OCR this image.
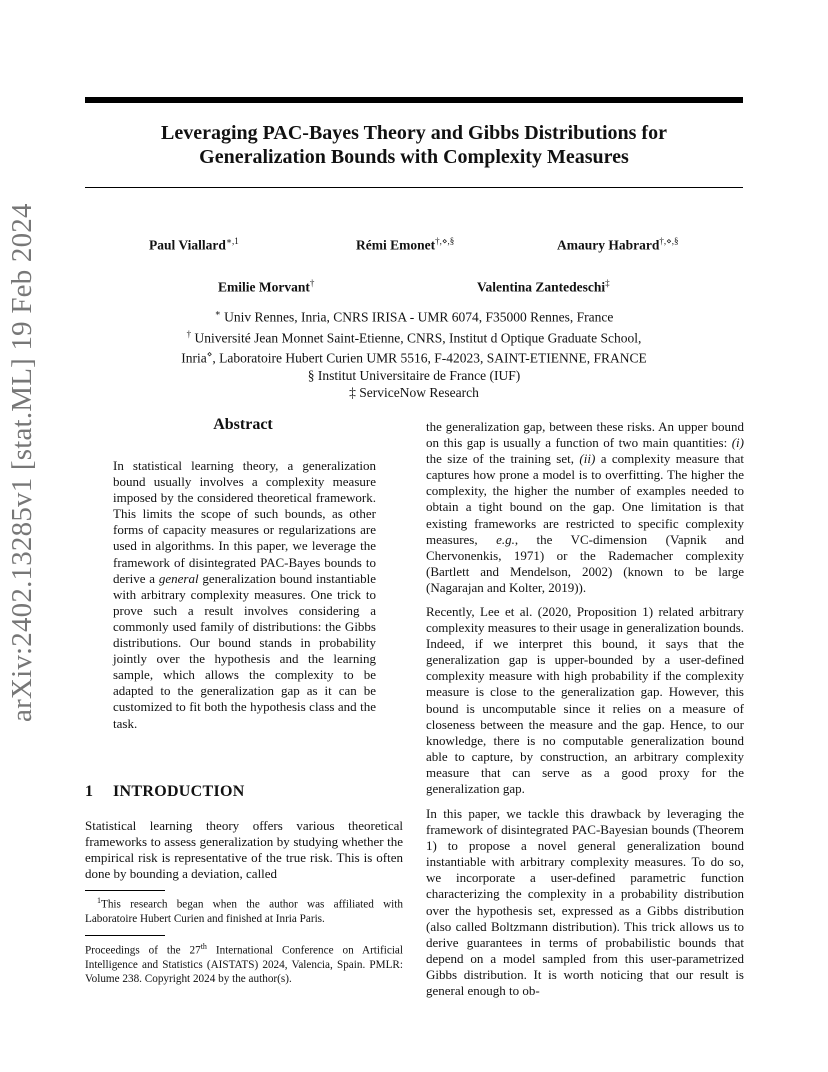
arXiv:2402.13285v1 [stat.ML] 19 Feb 2024
Leveraging PAC-Bayes Theory and Gibbs Distributions for
Generalization Bounds with Complexity Measures
Paul Viallard$^{∗,1}$	Rémi Emonet†,⋄,§	Amaury Habrard†,⋄,§
Emilie Morvant†	Valentina Zantedeschi‡
∗ Univ Rennes, Inria, CNRS IRISA - UMR 6074, F35000 Rennes, France
† Université Jean Monnet Saint-Etienne, CNRS, Institut d Optique Graduate School,
Inria⋄, Laboratoire Hubert Curien UMR 5516, F-42023, SAINT-ETIENNE, FRANCE
§ Institut Universitaire de France (IUF)
‡ ServiceNow Research
Abstract

In statistical learning theory, a generalization bound usually involves a complexity measure imposed by the considered theoretical framework. This limits the scope of such bounds, as other forms of capacity measures or regularizations are used in algorithms. In this paper, we leverage the framework of disintegrated PAC-Bayes bounds to derive a general generalization bound instantiable with arbitrary complexity measures. One trick to prove such a result involves considering a commonly used family of distributions: the Gibbs distributions. Our bound stands in probability jointly over the hypothesis and the learning sample, which allows the complexity to be adapted to the generalization gap as it can be customized to fit both the hypothesis class and the task.

1 INTRODUCTION

Statistical learning theory offers various theoretical frameworks to assess generalization by studying whether the empirical risk is representative of the true risk. This is often done by bounding a deviation, called

$^1$This research began when the author was affiliated with Laboratoire Hubert Curien and finished at Inria Paris.
Proceedings of the 27th International Conference on Artificial Intelligence and Statistics (AISTATS) 2024, Valencia, Spain. PMLR: Volume 238. Copyright 2024 by the author(s).

the generalization gap, between these risks. An upper bound on this gap is usually a function of two main quantities: (i) the size of the training set, (ii) a complexity measure that captures how prone a model is to overfitting. The higher the complexity, the higher the number of examples needed to obtain a tight bound on the gap. One limitation is that existing frameworks are restricted to specific complexity measures, e.g., the VC-dimension (Vapnik and Chervonenkis, 1971) or the Rademacher complexity (Bartlett and Mendelson, 2002) (known to be large (Nagarajan and Kolter, 2019)).

Recently, Lee et al. (2020, Proposition 1) related arbitrary complexity measures to their usage in generalization bounds. Indeed, if we interpret this bound, it says that the generalization gap is upper-bounded by a user-defined complexity measure with high probability if the complexity measure is close to the generalization gap. However, this bound is uncomputable since it relies on a measure of closeness between the measure and the gap. Hence, to our knowledge, there is no computable generalization bound able to capture, by construction, an arbitrary complexity measure that can serve as a good proxy for the generalization gap.

In this paper, we tackle this drawback by leveraging the framework of disintegrated PAC-Bayesian bounds (Theorem 1) to propose a novel general generalization bound instantiable with arbitrary complexity measures. To do so, we incorporate a user-defined parametric function characterizing the complexity in a probability distribution over the hypothesis set, expressed as a Gibbs distribution (also called Boltzmann distribution). This trick allows us to derive guarantees in terms of probabilistic bounds that depend on a model sampled from this user-parametrized Gibbs distribution. It is worth noticing that our result is general enough to ob-
